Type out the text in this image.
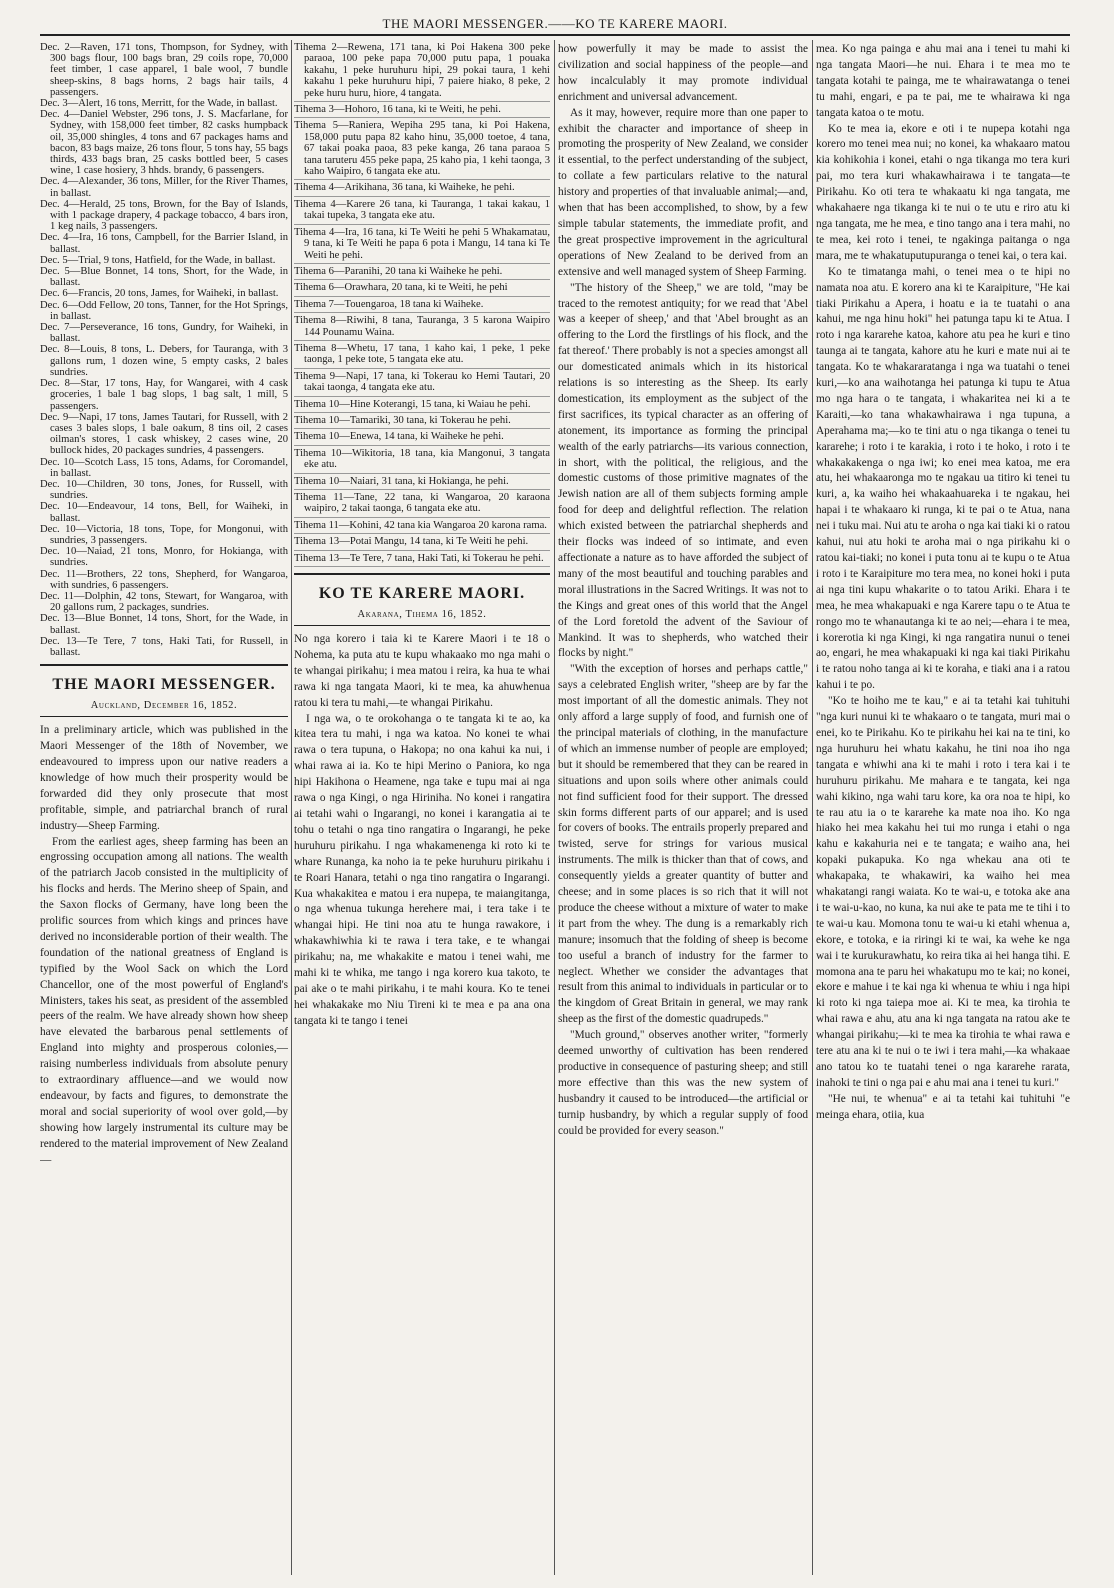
THE MAORI MESSENGER.——KO TE KARERE MAORI.

Dec. 2—Raven, 171 tons, Thompson, for Sydney, with 300 bags flour, 100 bags bran, 29 coils rope, 70,000 feet timber, 1 case apparel, 1 bale wool, 7 bundle sheep-skins, 8 bags horns, 2 bags hair tails, 4 passengers.

Dec. 3—Alert, 16 tons, Merritt, for the Wade, in ballast.

Dec. 4—Daniel Webster, 296 tons, J. S. Macfarlane, for Sydney, with 158,000 feet timber, 82 casks humpback oil, 35,000 shingles, 4 tons and 67 packages hams and bacon, 83 bags maize, 26 tons flour, 5 tons hay, 55 bags thirds, 433 bags bran, 25 casks bottled beer, 5 cases wine, 1 case hosiery, 3 hhds. brandy, 6 passengers.

Dec. 4—Alexander, 36 tons, Miller, for the River Thames, in ballast.

Dec. 4—Herald, 25 tons, Brown, for the Bay of Islands, with 1 package drapery, 4 package tobacco, 4 bars iron, 1 keg nails, 3 passengers.

Dec. 4—Ira, 16 tons, Campbell, for the Barrier Island, in ballast.

Dec. 5—Trial, 9 tons, Hatfield, for the Wade, in ballast.

Dec. 5—Blue Bonnet, 14 tons, Short, for the Wade, in ballast.

Dec. 6—Francis, 20 tons, James, for Waiheki, in ballast.

Dec. 6—Odd Fellow, 20 tons, Tanner, for the Hot Springs, in ballast.

Dec. 7—Perseverance, 16 tons, Gundry, for Waiheki, in ballast.

Dec. 8—Louis, 8 tons, L. Debers, for Tauranga, with 3 gallons rum, 1 dozen wine, 5 empty casks, 2 bales sundries.

Dec. 8—Star, 17 tons, Hay, for Wangarei, with 4 cask groceries, 1 bale 1 bag slops, 1 bag salt, 1 mill, 5 passengers.

Dec. 9—Napi, 17 tons, James Tautari, for Russell, with 2 cases 3 bales slops, 1 bale oakum, 8 tins oil, 2 cases oilman's stores, 1 cask whiskey, 2 cases wine, 20 bullock hides, 20 packages sundries, 4 passengers.

Dec. 10—Scotch Lass, 15 tons, Adams, for Coromandel, in ballast.

Dec. 10—Children, 30 tons, Jones, for Russell, with sundries.

Dec. 10—Endeavour, 14 tons, Bell, for Waiheki, in ballast.

Dec. 10—Victoria, 18 tons, Tope, for Mongonui, with sundries, 3 passengers.

Dec. 10—Naiad, 21 tons, Monro, for Hokianga, with sundries.

Dec. 11—Brothers, 22 tons, Shepherd, for Wangaroa, with sundries, 6 passengers.

Dec. 11—Dolphin, 42 tons, Stewart, for Wangaroa, with 20 gallons rum, 2 packages, sundries.

Dec. 13—Blue Bonnet, 14 tons, Short, for the Wade, in ballast.

Dec. 13—Te Tere, 7 tons, Haki Tati, for Russell, in ballast.

THE MAORI MESSENGER.
Auckland, December 16, 1852.

In a preliminary article, which was published in the Maori Messenger of the 18th of November, we endeavoured to impress upon our native readers a knowledge of how much their prosperity would be forwarded did they only prosecute that most profitable, simple, and patriarchal branch of rural industry—Sheep Farming.

From the earliest ages, sheep farming has been an engrossing occupation among all nations. The wealth of the patriarch Jacob consisted in the multiplicity of his flocks and herds. The Merino sheep of Spain, and the Saxon flocks of Germany, have long been the prolific sources from which kings and princes have derived no inconsiderable portion of their wealth. The foundation of the national greatness of England is typified by the Wool Sack on which the Lord Chancellor, one of the most powerful of England's Ministers, takes his seat, as president of the assembled peers of the realm. We have already shown how sheep have elevated the barbarous penal settlements of England into mighty and prosperous colonies,—raising numberless individuals from absolute penury to extraordinary affluence—and we would now endeavour, by facts and figures, to demonstrate the moral and social superiority of wool over gold,—by showing how largely instrumental its culture may be rendered to the material improvement of New Zealand—

Tihema 2—Rewena, 171 tana, ki Poi Hakena 300 peke paraoa, 100 peke papa 70,000 putu papa, 1 pouaka kakahu, 1 peke huruhuru hipi, 29 pokai taura, 1 kehi kakahu 1 peke huruhuru hipi, 7 paiere hiako, 8 peke, 2 peke huru huru, hiore, 4 tangata.

Tihema 3—Hohoro, 16 tana, ki te Weiti, he pehi.

Tihema 5—Raniera, Wepiha 295 tana, ki Poi Hakena, 158,000 putu papa 82 kaho hinu, 35,000 toetoe, 4 tana, 67 takai poaka paoa, 83 peke kanga, 26 tana paraoa 5 tana taruteru 455 peke papa, 25 kaho pia, 1 kehi taonga, 3 kaho Waipiro, 6 tangata eke atu.

Tihema 4—Arikihana, 36 tana, ki Waiheke, he pehi.

Tihema 4—Karere 26 tana, ki Tauranga, 1 takai kakau, 1 takai tupeka, 3 tangata eke atu.

Tihema 4—Ira, 16 tana, ki Te Weiti he pehi 5 Whakamatau, 9 tana, ki Te Weiti he papa 6 pota i Mangu, 14 tana ki Te Weiti he pehi.

Tihema 6—Paranihi, 20 tana ki Waiheke he pehi.

Tihema 6—Orawhara, 20 tana, ki te Weiti, he pehi

Tihema 7—Touengaroa, 18 tana ki Waiheke.

Tihema 8—Riwihi, 8 tana, Tauranga, 3 5 karona Waipiro 144 Pounamu Waina.

Tihema 8—Whetu, 17 tana, 1 kaho kai, 1 peke, 1 peke taonga, 1 peke tote, 5 tangata eke atu.

Tihema 9—Napi, 17 tana, ki Tokerau ko Hemi Tautari, 20 takai taonga, 4 tangata eke atu.

Tihema 10—Hine Koterangi, 15 tana, ki Waiau he pehi.

Tihema 10—Tamariki, 30 tana, ki Tokerau he pehi.

Tihema 10—Enewa, 14 tana, ki Waiheke he pehi.

Tihema 10—Wikitoria, 18 tana, kia Mangonui, 3 tangata eke atu.

Tihema 10—Naiari, 31 tana, ki Hokianga, he pehi.

Tihema 11—Tane, 22 tana, ki Wangaroa, 20 karaona waipiro, 2 takai taonga, 6 tangata eke atu.

Tihema 11—Kohini, 42 tana kia Wangaroa 20 karona rama.

Tihema 13—Potai Mangu, 14 tana, ki Te Weiti he pehi.

Tihema 13—Te Tere, 7 tana, Haki Tati, ki Tokerau he pehi.

KO TE KARERE MAORI.
Akarana, Tihema 16, 1852.

No nga korero i taia ki te Karere Maori i te 18 o Nohema, ka puta atu te kupu whakaako mo nga mahi o te whangai pirikahu; i mea matou i reira, ka hua te whai rawa ki nga tangata Maori, ki te mea, ka ahuwhenua ratou ki tera tu mahi,—te whangai Pirikahu.

I nga wa, o te orokohanga o te tangata ki te ao, ka kitea tera tu mahi, i nga wa katoa. No konei te whai rawa o tera tupuna, o Hakopa; no ona kahui ka nui, i whai rawa ai ia. Ko te hipi Merino o Paniora, ko nga hipi Hakihona o Heamene, nga take e tupu mai ai nga rawa o nga Kingi, o nga Hiriniha. No konei i rangatira ai tetahi wahi o Ingarangi, no konei i karangatia ai te tohu o tetahi o nga tino rangatira o Ingarangi, he peke huruhuru pirikahu. I nga whakamenenga ki roto ki te whare Runanga, ka noho ia te peke huruhuru pirikahu i te Roari Hanara, tetahi o nga tino rangatira o Ingarangi. Kua whakakitea e matou i era nupepa, te maiangitanga, o nga whenua tukunga herehere mai, i tera take i te whangai hipi. He tini noa atu te hunga rawakore, i whakawhiwhia ki te rawa i tera take, e te whangai pirikahu; na, me whakakite e matou i tenei wahi, me mahi ki te whika, me tango i nga korero kua takoto, te pai ake o te mahi pirikahu, i te mahi koura. Ko te tenei hei whakakake mo Niu Tireni ki te mea e pa ana ona tangata ki te tango i tenei

how powerfully it may be made to assist the civilization and social happiness of the people—and how incalculably it may promote individual enrichment and universal advancement.

As it may, however, require more than one paper to exhibit the character and importance of sheep in promoting the prosperity of New Zealand, we consider it essential, to the perfect understanding of the subject, to collate a few particulars relative to the natural history and properties of that invaluable animal;—and, when that has been accomplished, to show, by a few simple tabular statements, the immediate profit, and the great prospective improvement in the agricultural operations of New Zealand to be derived from an extensive and well managed system of Sheep Farming.

"The history of the Sheep," we are told, "may be traced to the remotest antiquity; for we read that 'Abel was a keeper of sheep,' and that 'Abel brought as an offering to the Lord the firstlings of his flock, and the fat thereof.' There probably is not a species amongst all our domesticated animals which in its historical relations is so interesting as the Sheep. Its early domestication, its employment as the subject of the first sacrifices, its typical character as an offering of atonement, its importance as forming the principal wealth of the early patriarchs—its various connection, in short, with the political, the religious, and the domestic customs of those primitive magnates of the Jewish nation are all of them subjects forming ample food for deep and delightful reflection. The relation which existed between the patriarchal shepherds and their flocks was indeed of so intimate, and even affectionate a nature as to have afforded the subject of many of the most beautiful and touching parables and moral illustrations in the Sacred Writings. It was not to the Kings and great ones of this world that the Angel of the Lord foretold the advent of the Saviour of Mankind. It was to shepherds, who watched their flocks by night."

"With the exception of horses and perhaps cattle," says a celebrated English writer, "sheep are by far the most important of all the domestic animals. They not only afford a large supply of food, and furnish one of the principal materials of clothing, in the manufacture of which an immense number of people are employed; but it should be remembered that they can be reared in situations and upon soils where other animals could not find sufficient food for their support. The dressed skin forms different parts of our apparel; and is used for covers of books. The entrails properly prepared and twisted, serve for strings for various musical instruments. The milk is thicker than that of cows, and consequently yields a greater quantity of butter and cheese; and in some places is so rich that it will not produce the cheese without a mixture of water to make it part from the whey. The dung is a remarkably rich manure; insomuch that the folding of sheep is become too useful a branch of industry for the farmer to neglect. Whether we consider the advantages that result from this animal to individuals in particular or to the kingdom of Great Britain in general, we may rank sheep as the first of the domestic quadrupeds."

"Much ground," observes another writer, "formerly deemed unworthy of cultivation has been rendered productive in consequence of pasturing sheep; and still more effective than this was the new system of husbandry it caused to be introduced—the artificial or turnip husbandry, by which a regular supply of food could be provided for every season."

mea. Ko nga painga e ahu mai ana i tenei tu mahi ki nga tangata Maori—he nui. Ehara i te mea mo te tangata kotahi te painga, me te whairawatanga o tenei tu mahi, engari, e pa te pai, me te whairawa ki nga tangata katoa o te motu.

Ko te mea ia, ekore e oti i te nupepa kotahi nga korero mo tenei mea nui; no konei, ka whakaaro matou kia kohikohia i konei, etahi o nga tikanga mo tera kuri pai, mo tera kuri whakawhairawa i te tangata—te Pirikahu. Ko oti tera te whakaatu ki nga tangata, me whakahaere nga tikanga ki te nui o te utu e riro atu ki nga tangata, me he mea, e tino tango ana i tera mahi, no te mea, kei roto i tenei, te ngakinga paitanga o nga mara, me te whakatuputupuranga o tenei kai, o tera kai.

Ko te timatanga mahi, o tenei mea o te hipi no namata noa atu. E korero ana ki te Karaipiture, "He kai tiaki Pirikahu a Apera, i hoatu e ia te tuatahi o ana kahui, me nga hinu hoki" hei patunga tapu ki te Atua. I roto i nga kararehe katoa, kahore atu pea he kuri e tino taunga ai te tangata, kahore atu he kuri e mate nui ai te tangata. Ko te whakararatanga i nga wa tuatahi o tenei kuri,—ko ana waihotanga hei patunga ki tupu te Atua mo nga hara o te tangata, i whakaritea nei ki a te Karaiti,—ko tana whakawhairawa i nga tupuna, a Aperahama ma;—ko te tini atu o nga tikanga o tenei tu kararehe; i roto i te karakia, i roto i te hoko, i roto i te whakakakenga o nga iwi; ko enei mea katoa, me era atu, hei whakaaronga mo te ngakau ua titiro ki tenei tu kuri, a, ka waiho hei whakaahuareka i te ngakau, hei hapai i te whakaaro ki runga, ki te pai o te Atua, nana nei i tuku mai. Nui atu te aroha o nga kai tiaki ki o ratou kahui, nui atu hoki te aroha mai o nga pirikahu ki o ratou kai-tiaki; no konei i puta tonu ai te kupu o te Atua i roto i te Karaipiture mo tera mea, no konei hoki i puta ai nga tini kupu whakarite o to tatou Ariki. Ehara i te mea, he mea whakapuaki e nga Karere tapu o te Atua te rongo mo te whanautanga ki te ao nei;—ehara i te mea, i korerotia ki nga Kingi, ki nga rangatira nunui o tenei ao, engari, he mea whakapuaki ki nga kai tiaki Pirikahu i te ratou noho tanga ai ki te koraha, e tiaki ana i a ratou kahui i te po.

"Ko te hoiho me te kau," e ai ta tetahi kai tuhituhi "nga kuri nunui ki te whakaaro o te tangata, muri mai o enei, ko te Pirikahu. Ko te pirikahu hei kai na te tini, ko nga huruhuru hei whatu kakahu, he tini noa iho nga tangata e whiwhi ana ki te mahi i roto i tera kai i te huruhuru pirikahu. Me mahara e te tangata, kei nga wahi kikino, nga wahi taru kore, ka ora noa te hipi, ko te rau atu ia o te kararehe ka mate noa iho. Ko nga hiako hei mea kakahu hei tui mo runga i etahi o nga kahu e kakahuria nei e te tangata; e waiho ana, hei kopaki pukapuka. Ko nga whekau ana oti te whakapaka, te whakawiri, ka waiho hei mea whakatangi rangi waiata. Ko te wai-u, e totoka ake ana i te wai-u-kao, no kuna, ka nui ake te pata me te tihi i to te wai-u kau. Momona tonu te wai-u ki etahi whenua a, ekore, e totoka, e ia riringi ki te wai, ka wehe ke nga wai i te kurukurawhatu, ko reira tika ai hei hanga tihi. E momona ana te paru hei whakatupu mo te kai; no konei, ekore e mahue i te kai nga ki whenua te whiu i nga hipi ki roto ki nga taiepa moe ai. Ki te mea, ka tirohia te whai rawa e ahu, atu ana ki nga tangata na ratou ake te whangai pirikahu;—ki te mea ka tirohia te whai rawa e tere atu ana ki te nui o te iwi i tera mahi,—ka whakaae ano tatou ko te tuatahi tenei o nga kararehe rarata, inahoki te tini o nga pai e ahu mai ana i tenei tu kuri."

"He nui, te whenua" e ai ta tetahi kai tuhituhi "e meinga ehara, otiia, kua
